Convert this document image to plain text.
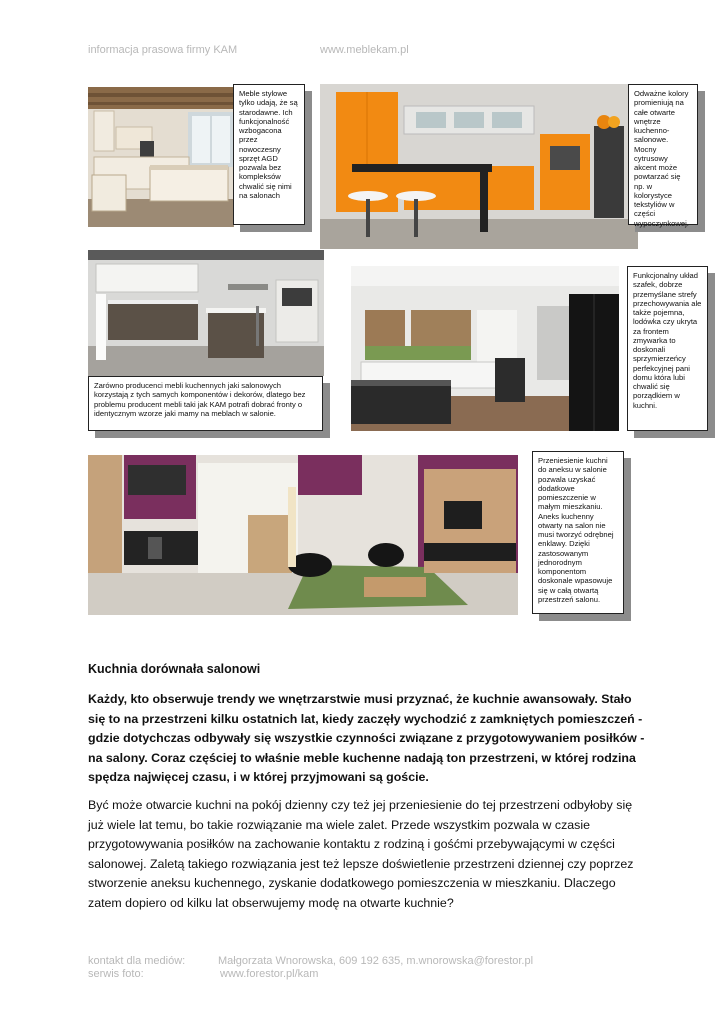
informacja prasowa firmy KAM	www.meblekam.pl
Meble stylowe tylko udają, że są starodawne. Ich funkcjonalność wzbogacona przez nowoczesny sprzęt AGD pozwala bez kompleksów chwalić się nimi na salonach
Odważne kolory promieniują na całe otwarte wnętrze kuchenno-salonowe. Mocny cytrusowy akcent może powtarzać się np. w kolorystyce tekstyliów w części wypoczynkowej.
Zarówno producenci mebli kuchennych jaki salonowych korzystają z tych samych komponentów i dekorów, dlatego bez problemu producent mebli taki jak KAM potrafi dobrać fronty o identycznym wzorze jaki mamy na meblach w salonie.
Funkcjonalny układ szafek, dobrze przemyślane strefy przechowywania ale także pojemna, lodówka czy ukryta za frontem zmywarka to doskonali sprzymierzeńcy perfekcyjnej pani domu która lubi chwalić się porządkiem w kuchni.
Przeniesienie kuchni do aneksu w salonie pozwala uzyskać dodatkowe pomieszczenie w małym mieszkaniu. Aneks kuchenny otwarty na salon nie musi tworzyć odrębnej enklawy. Dzięki zastosowanym jednorodnym komponentom doskonale wpasowuje się w całą otwartą przestrzeń salonu.
Kuchnia dorównała salonowi

Każdy, kto obserwuje trendy we wnętrzarstwie musi przyznać, że kuchnie awansowały. Stało się to na przestrzeni kilku ostatnich lat, kiedy zaczęły wychodzić z zamkniętych pomieszczeń - gdzie dotychczas odbywały się wszystkie czynności związane z przygotowywaniem posiłków - na salony. Coraz częściej to właśnie meble kuchenne nadają ton przestrzeni, w której rodzina spędza najwięcej czasu, i w której przyjmowani są goście.

Być może otwarcie kuchni na pokój dzienny czy też jej przeniesienie do tej przestrzeni odbyłoby się już wiele lat temu, bo takie rozwiązanie ma wiele zalet. Przede wszystkim pozwala w czasie przygotowywania posiłków na zachowanie kontaktu z rodziną i gośćmi przebywającymi w części salonowej. Zaletą takiego rozwiązania jest też lepsze doświetlenie przestrzeni dziennej czy poprzez stworzenie aneksu kuchennego, zyskanie dodatkowego pomieszczenia w mieszkaniu. Dlaczego zatem dopiero od kilku lat obserwujemy modę na otwarte kuchnie?

kontakt dla mediów:	Małgorzata Wnorowska, 609 192 635, m.wnorowska@forestor.pl
serwis foto:	www.forestor.pl/kam
